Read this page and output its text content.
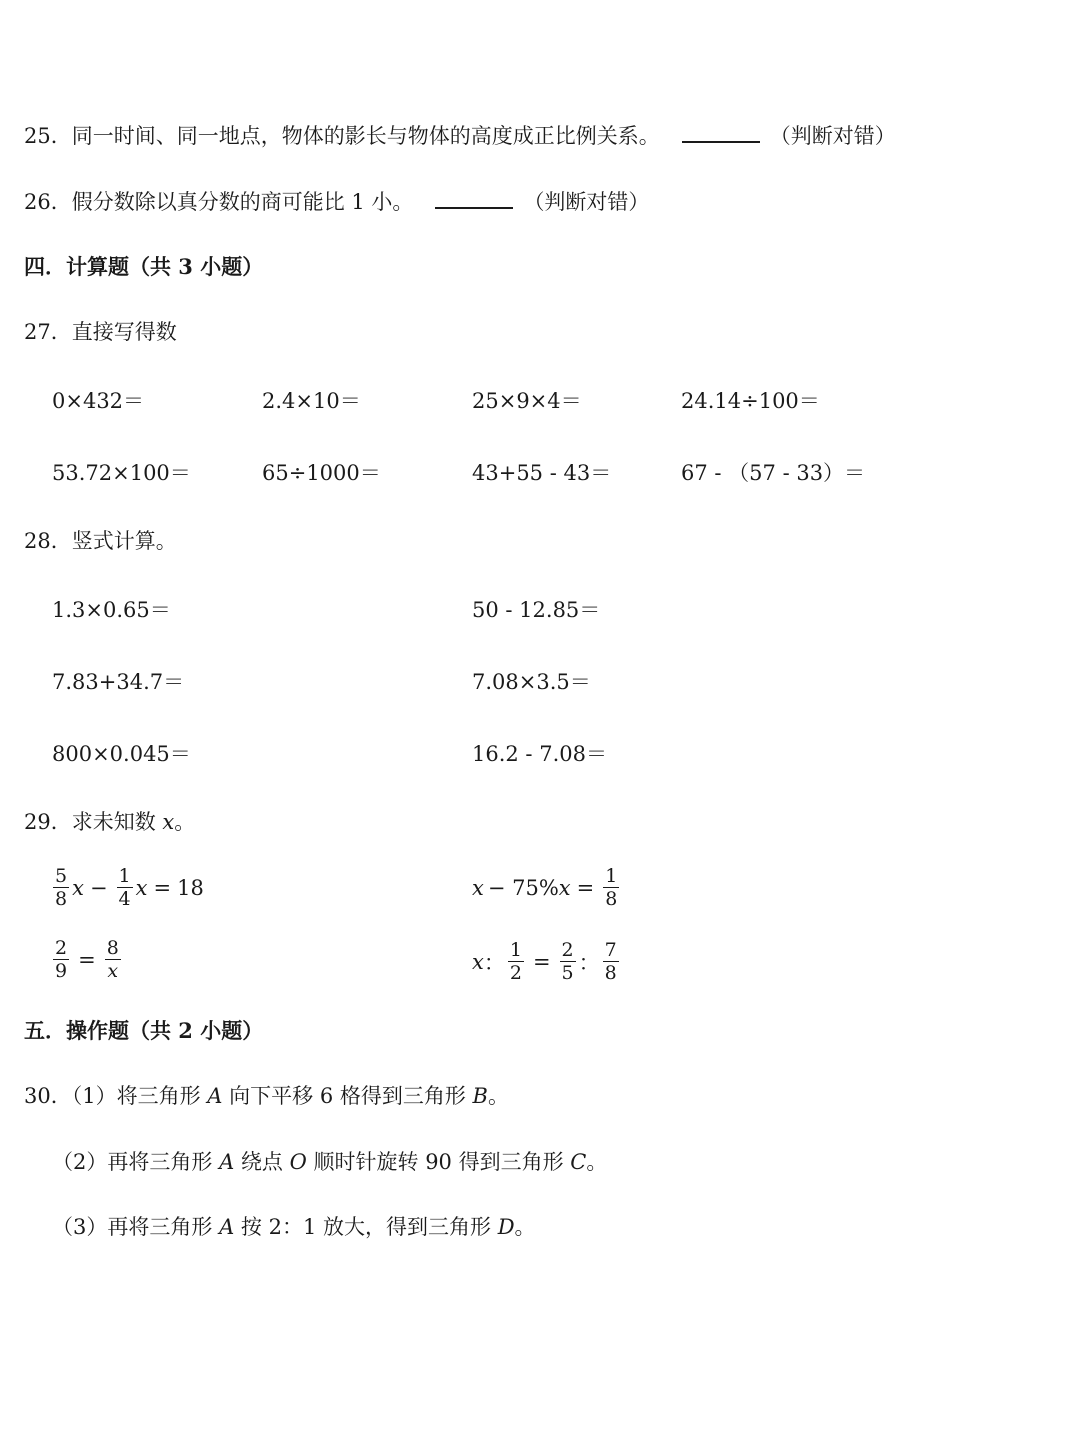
25．同一时间、同一地点，物体的影长与物体的高度成正比例关系。	（判断对错）
26．假分数除以真分数的商可能比 1 小。	（判断对错）
四．计算题（共 3 小题）
27．直接写得数
0×432＝	2.4×10＝	25×9×4＝	24.14÷100＝
53.72×100＝	65÷1000＝	43+55 - 43＝	67 - （57 - 33）＝
28．竖式计算。
1.3×0.65＝	50 - 12.85＝
7.83+34.7＝	7.08×3.5＝
800×0.045＝	16.2 - 7.08＝
29．求未知数 x。
$\frac{5}{8}$ $x - \frac{1}{4}$ x = 18	x − 75% $x = \frac{1}{8}$
$\frac{2}{9} = \frac{8}{x}$	x ： $\frac{1}{2} = \frac{2}{5}$ ： $\frac{7}{8}$
五．操作题（共 2 小题）
30．（1）将三角形 A 向下平移 6 格得到三角形 B。
（2）再将三角形 A 绕点 O 顺时针旋转 90 得到三角形 C。
（3）再将三角形 A 按 2：1 放大，得到三角形 D。
